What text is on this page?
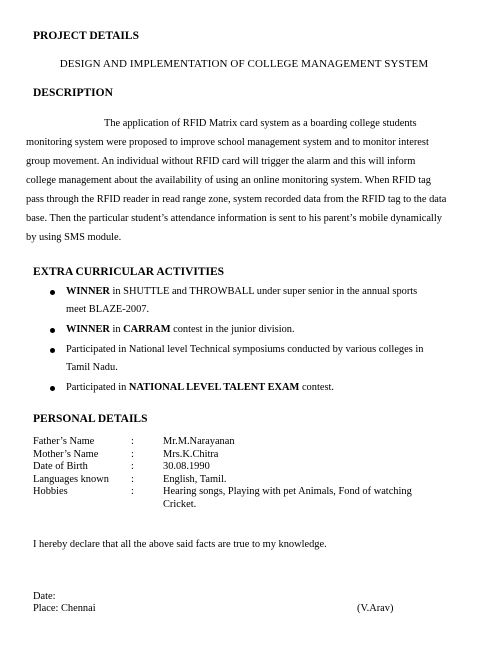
PROJECT DETAILS
DESIGN AND IMPLEMENTATION OF COLLEGE MANAGEMENT SYSTEM
DESCRIPTION
The application of RFID Matrix card system as a boarding college students
monitoring system were proposed to improve school management system and to monitor interest
group movement. An individual without RFID card will trigger the alarm and this will inform
college management about the availability of using an online monitoring system. When RFID tag
pass through the RFID reader in read range zone, system recorded data from the RFID tag to the data
base. Then the particular student’s attendance information is sent to his parent’s mobile dynamically
by using SMS module.
EXTRA CURRICULAR ACTIVITIES
WINNER in SHUTTLE and THROWBALL under super senior in the annual sports
meet BLAZE-2007.
WINNER in CARRAM contest in the junior division.
Participated in National level Technical symposiums conducted by various colleges in
Tamil Nadu.
Participated in NATIONAL LEVEL TALENT EXAM contest.
PERSONAL DETAILS
Father’s Name	:	Mr.M.Narayanan
Mother’s Name	:	Mrs.K.Chitra
Date of Birth	:	30.08.1990
Languages known	:	English, Tamil.
Hobbies	:	Hearing songs, Playing with pet Animals, Fond of watching
Cricket.
I hereby declare that all the above said facts are true to my knowledge.
Date:
Place: Chennai	(V.Arav)
